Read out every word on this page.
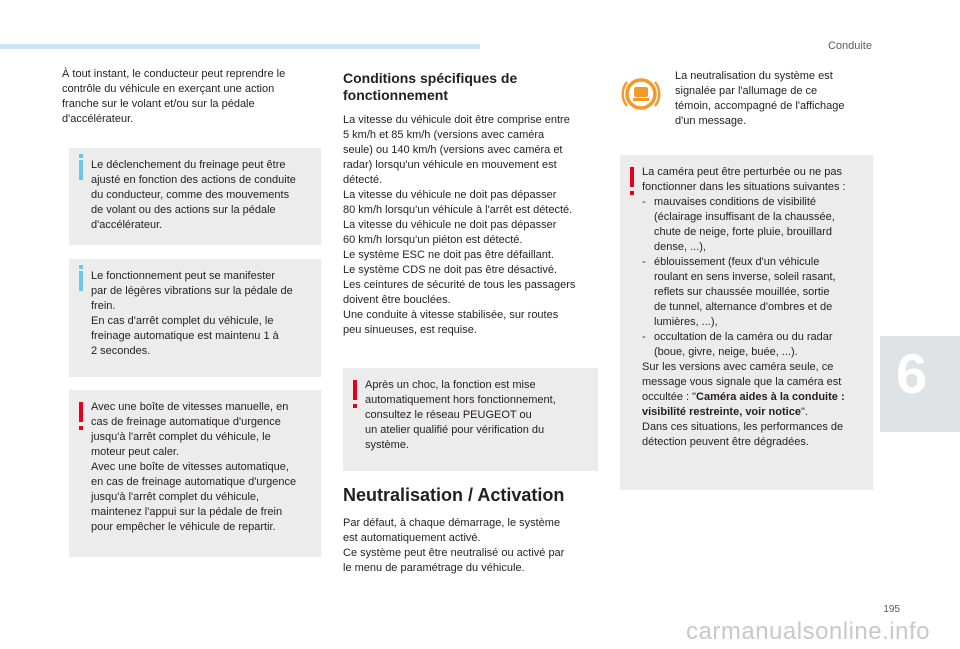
Conduite
6
195
carmanualsonline.info
À tout instant, le conducteur peut reprendre le
contrôle du véhicule en exerçant une action
franche sur le volant et/ou sur la pédale
d'accélérateur.
Le déclenchement du freinage peut être
ajusté en fonction des actions de conduite
du conducteur, comme des mouvements
de volant ou des actions sur la pédale
d'accélérateur.
Le fonctionnement peut se manifester
par de légères vibrations sur la pédale de
frein.
En cas d'arrêt complet du véhicule, le
freinage automatique est maintenu 1 à
2 secondes.
Avec une boîte de vitesses manuelle, en
cas de freinage automatique d'urgence
jusqu'à l'arrêt complet du véhicule, le
moteur peut caler.
Avec une boîte de vitesses automatique,
en cas de freinage automatique d'urgence
jusqu'à l'arrêt complet du véhicule,
maintenez l'appui sur la pédale de frein
pour empêcher le véhicule de repartir.
Conditions spécifiques de
fonctionnement
La vitesse du véhicule doit être comprise entre
5 km/h et 85 km/h (versions avec caméra
seule) ou 140 km/h (versions avec caméra et
radar) lorsqu'un véhicule en mouvement est
détecté.
La vitesse du véhicule ne doit pas dépasser
80 km/h lorsqu'un véhicule à l'arrêt est détecté.
La vitesse du véhicule ne doit pas dépasser
60 km/h lorsqu'un piéton est détecté.
Le système ESC ne doit pas être défaillant.
Le système CDS ne doit pas être désactivé.
Les ceintures de sécurité de tous les passagers
doivent être bouclées.
Une conduite à vitesse stabilisée, sur routes
peu sinueuses, est requise.
Après un choc, la fonction est mise
automatiquement hors fonctionnement,
consultez le réseau PEUGEOT ou
un atelier qualifié pour vérification du
système.
Neutralisation / Activation
Par défaut, à chaque démarrage, le système
est automatiquement activé.
Ce système peut être neutralisé ou activé par
le menu de paramétrage du véhicule.
La neutralisation du système est
signalée par l'allumage de ce
témoin, accompagné de l'affichage
d'un message.
La caméra peut être perturbée ou ne pas
fonctionner dans les situations suivantes :
- mauvaises conditions de visibilité
(éclairage insuffisant de la chaussée,
chute de neige, forte pluie, brouillard
dense, ...),
- éblouissement (feux d'un véhicule
roulant en sens inverse, soleil rasant,
reflets sur chaussée mouillée, sortie
de tunnel, alternance d'ombres et de
lumières, ...),
- occultation de la caméra ou du radar
(boue, givre, neige, buée, ...).
Sur les versions avec caméra seule, ce
message vous signale que la caméra est
occultée : "Caméra aides à la conduite :
visibilité restreinte, voir notice".
Dans ces situations, les performances de
détection peuvent être dégradées.
